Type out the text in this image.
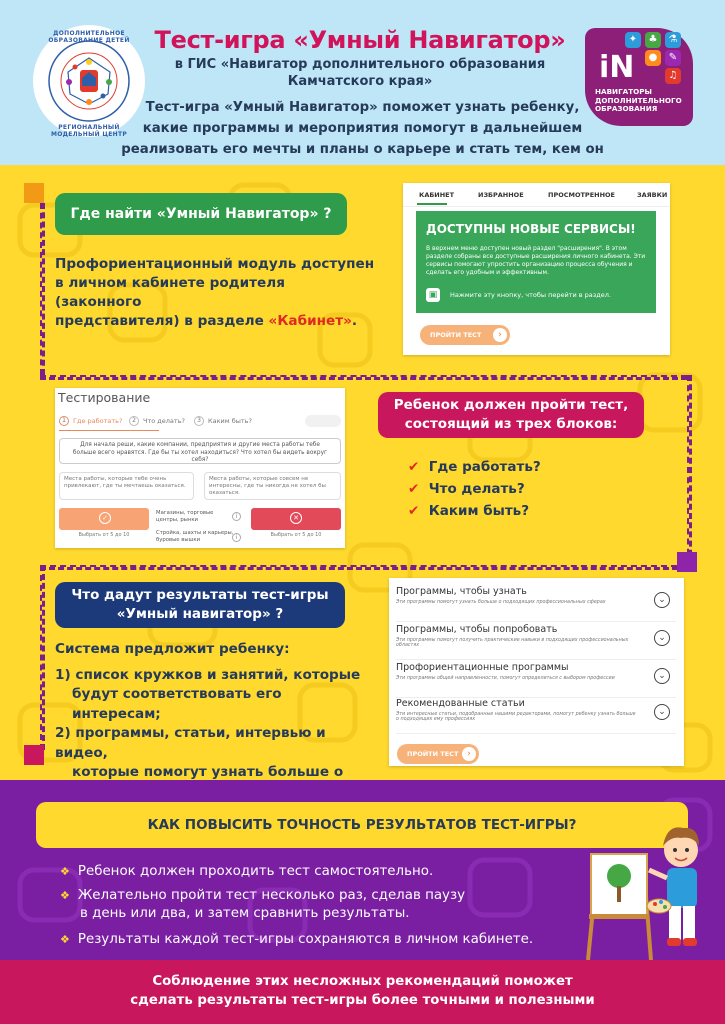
ДОПОЛНИТЕЛЬНОЕ ОБРАЗОВАНИЕ ДЕТЕЙ
РЕГИОНАЛЬНЫЙ МОДЕЛЬНЫЙ ЦЕНТР
Тест-игра «Умный Навигатор»
в ГИС «Навигатор дополнительного образования
Камчатского края»
Тест-игра «Умный Навигатор» поможет узнать ребенку,
какие программы и мероприятия помогут в дальнейшем
реализовать его мечты и планы о карьере и стать тем, кем он
iN
✦	♣	⚗
●	✎
♫
НАВИГАТОРЫ ДОПОЛНИТЕЛЬНОГО ОБРАЗОВАНИЯ
Где найти «Умный Навигатор» ?
Профориентационный модуль доступен
в личном кабинете родителя (законного
представителя) в разделе «Кабинет».
КАБИНЕТ	ИЗБРАННОЕ	ПРОСМОТРЕННОЕ	ЗАЯВКИ
ДОСТУПНЫ НОВЫЕ СЕРВИСЫ!
В верхнем меню доступен новый раздел "расширения". В этом разделе собраны все доступные расширения личного кабинета. Эти сервисы помогают упростить организацию процесса обучения и сделать его удобным и эффективным.
▣	Нажмите эту кнопку, чтобы перейти в раздел.
ПРОЙТИ ТЕСТ	›
Тестирование
1	Где работать?	2	Что делать?	3	Каким быть?
Для начала реши, какие компании, предприятия и другие места работы тебе больше всего нравятся. Где бы ты хотел находиться? Что хотел бы видеть вокруг себя?
Места работы, которые тебе очень привлекают, где ты мечтаешь оказаться.
Места работы, которые совсем не интересны, где ты никогда не хотел бы оказаться.
✓
Выбрать от 5 до 10
Магазины, торговые центры, рынки	i
Стройка, шахты и карьеры, буровые вышки	i
✕
Выбрать от 5 до 10
Ребенок должен пройти тест,
состоящий из трех блоков:
✔ Где работать?
✔ Что делать?
✔ Каким быть?
Что дадут результаты тест-игры
«Умный навигатор» ?
Система предложит ребенку:
1) список кружков и занятий, которые
будут соответствовать его интересам;
2) программы, статьи, интервью и видео,
которые помогут узнать больше о
Программы, чтобы узнать
Эти программы помогут узнать больше о подходящих профессиональных сферах	⌄
Программы, чтобы попробовать
Эти программы помогут получить практические навыки в подходящих профессиональных областях
⌄
Профориентационные программы
Эти программы общей направленности, помогут определиться с выбором профессии	⌄
Рекомендованные статьи
Эти интересные статьи, подобранные нашими редакторами, помогут ребенку узнать больше о подходящих ему профессиях
⌄
ПРОЙТИ ТЕСТ ›
КАК ПОВЫСИТЬ ТОЧНОСТЬ РЕЗУЛЬТАТОВ ТЕСТ-ИГРЫ?
❖ Ребенок должен проходить тест самостоятельно.
❖ Желательно пройти тест несколько раз, сделав паузу
в день или два, и затем сравнить результаты.
❖ Результаты каждой тест-игры сохраняются в личном кабинете.
Соблюдение этих несложных рекомендаций поможет
сделать результаты тест-игры более точными и полезными
